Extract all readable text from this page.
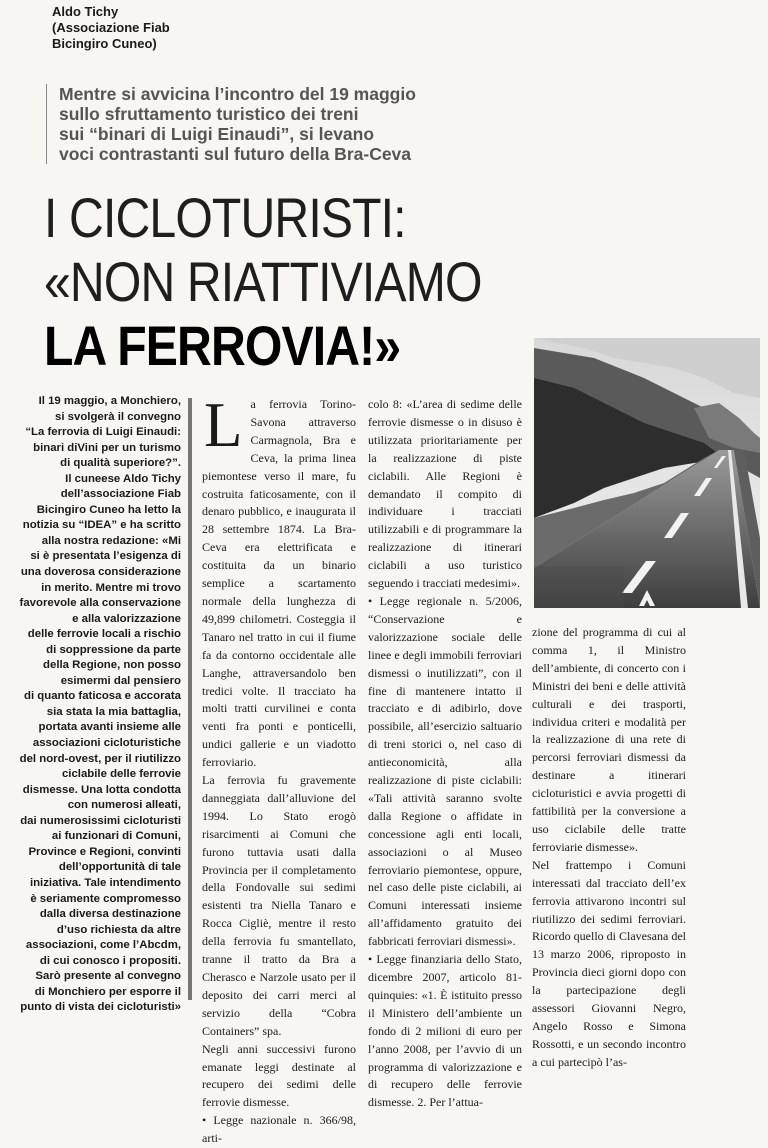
Aldo Tichy
(Associazione Fiab
Bicingiro Cuneo)
Mentre si avvicina l’incontro del 19 maggio
sullo sfruttamento turistico dei treni
sui “binari di Luigi Einaudi”, si levano
voci contrastanti sul futuro della Bra-Ceva
I CICLOTURISTI:
«NON RIATTIVIAMO
LA FERROVIA!»
Il 19 maggio, a Monchiero,
si svolgerà il convegno
“La ferrovia di Luigi Einaudi:
binari diVini per un turismo
di qualità superiore?”.
Il cuneese Aldo Tichy
dell’associazione Fiab
Bicingiro Cuneo ha letto la
notizia su “IDEA” e ha scritto
alla nostra redazione: «Mi
si è presentata l’esigenza di
una doverosa considerazione
in merito. Mentre mi trovo
favorevole alla conservazione
e alla valorizzazione
delle ferrovie locali a rischio
di soppressione da parte
della Regione, non posso
esimermi dal pensiero
di quanto faticosa e accorata
sia stata la mia battaglia,
portata avanti insieme alle
associazioni cicloturistiche
del nord-ovest, per il riutilizzo
ciclabile delle ferrovie
dismesse. Una lotta condotta
con numerosi alleati,
dai numerosissimi cicloturisti
ai funzionari di Comuni,
Province e Regioni, convinti
dell’opportunità di tale
iniziativa. Tale intendimento
è seriamente compromesso
dalla diversa destinazione
d’uso richiesta da altre
associazioni, come l’Abcdm,
di cui conosco i propositi.
Sarò presente al convegno
di Monchiero per esporre il
punto di vista dei cicloturisti»
La ferrovia Torino-Savona attraverso Carmagnola, Bra e Ceva, la prima linea piemontese verso il mare, fu costruita faticosamente, con il denaro pubblico, e inaugurata il 28 settembre 1874. La Bra-Ceva era elettrificata e costituita da un binario semplice a scartamento normale della lunghezza di 49,899 chilometri. Costeggia il Tanaro nel tratto in cui il fiume fa da contorno occidentale alle Langhe, attraversandolo ben tredici volte. Il tracciato ha molti tratti curvilinei e conta venti fra ponti e ponticelli, undici gallerie e un viadotto ferroviario.
La ferrovia fu gravemente danneggiata dall’alluvione del 1994. Lo Stato erogò risarcimenti ai Comuni che furono tuttavia usati dalla Provincia per il completamento della Fondovalle sui sedimi esistenti tra Niella Tanaro e Rocca Cigliè, mentre il resto della ferrovia fu smantellato, tranne il tratto da Bra a Cherasco e Narzole usato per il deposito dei carri merci al servizio della “Cobra Containers” spa.
Negli anni successivi furono emanate leggi destinate al recupero dei sedimi delle ferrovie dismesse.
• Legge nazionale n. 366/98, arti-
colo 8: «L’area di sedime delle ferrovie dismesse o in disuso è utilizzata prioritariamente per la realizzazione di piste ciclabili. Alle Regioni è demandato il compito di individuare i tracciati utilizzabili e di programmare la realizzazione di itinerari ciclabili a uso turistico seguendo i tracciati medesimi».
• Legge regionale n. 5/2006, “Conservazione e valorizzazione sociale delle linee e degli immobili ferroviari dismessi o inutilizzati”, con il fine di mantenere intatto il tracciato e di adibirlo, dove possibile, all’esercizio saltuario di treni storici o, nel caso di antieconomicità, alla realizzazione di piste ciclabili: «Tali attività saranno svolte dalla Regione o affidate in concessione agli enti locali, associazioni o al Museo ferroviario piemontese, oppure, nel caso delle piste ciclabili, ai Comuni interessati insieme all’affidamento gratuito dei fabbricati ferroviari dismessi».
• Legge finanziaria dello Stato, dicembre 2007, articolo 81-quinquies: «1. È istituito presso il Ministero dell’ambiente un fondo di 2 milioni di euro per l’anno 2008, per l’avvio di un programma di valorizzazione e di recupero delle ferrovie dismesse. 2. Per l’attua-
zione del programma di cui al comma 1, il Ministro dell’ambiente, di concerto con i Ministri dei beni e delle attività culturali e dei trasporti, individua criteri e modalità per la realizzazione di una rete di percorsi ferroviari dismessi da destinare a itinerari cicloturistici e avvia progetti di fattibilità per la conversione a uso ciclabile delle tratte ferroviarie dismesse».
Nel frattempo i Comuni interessati dal tracciato dell’ex ferrovia attivarono incontri sul riutilizzo dei sedimi ferroviari. Ricordo quello di Clavesana del 13 marzo 2006, riproposto in Provincia dieci giorni dopo con la partecipazione degli assessori Giovanni Negro, Angelo Rosso e Simona Rossotti, e un secondo incontro a cui partecipò l’as-
